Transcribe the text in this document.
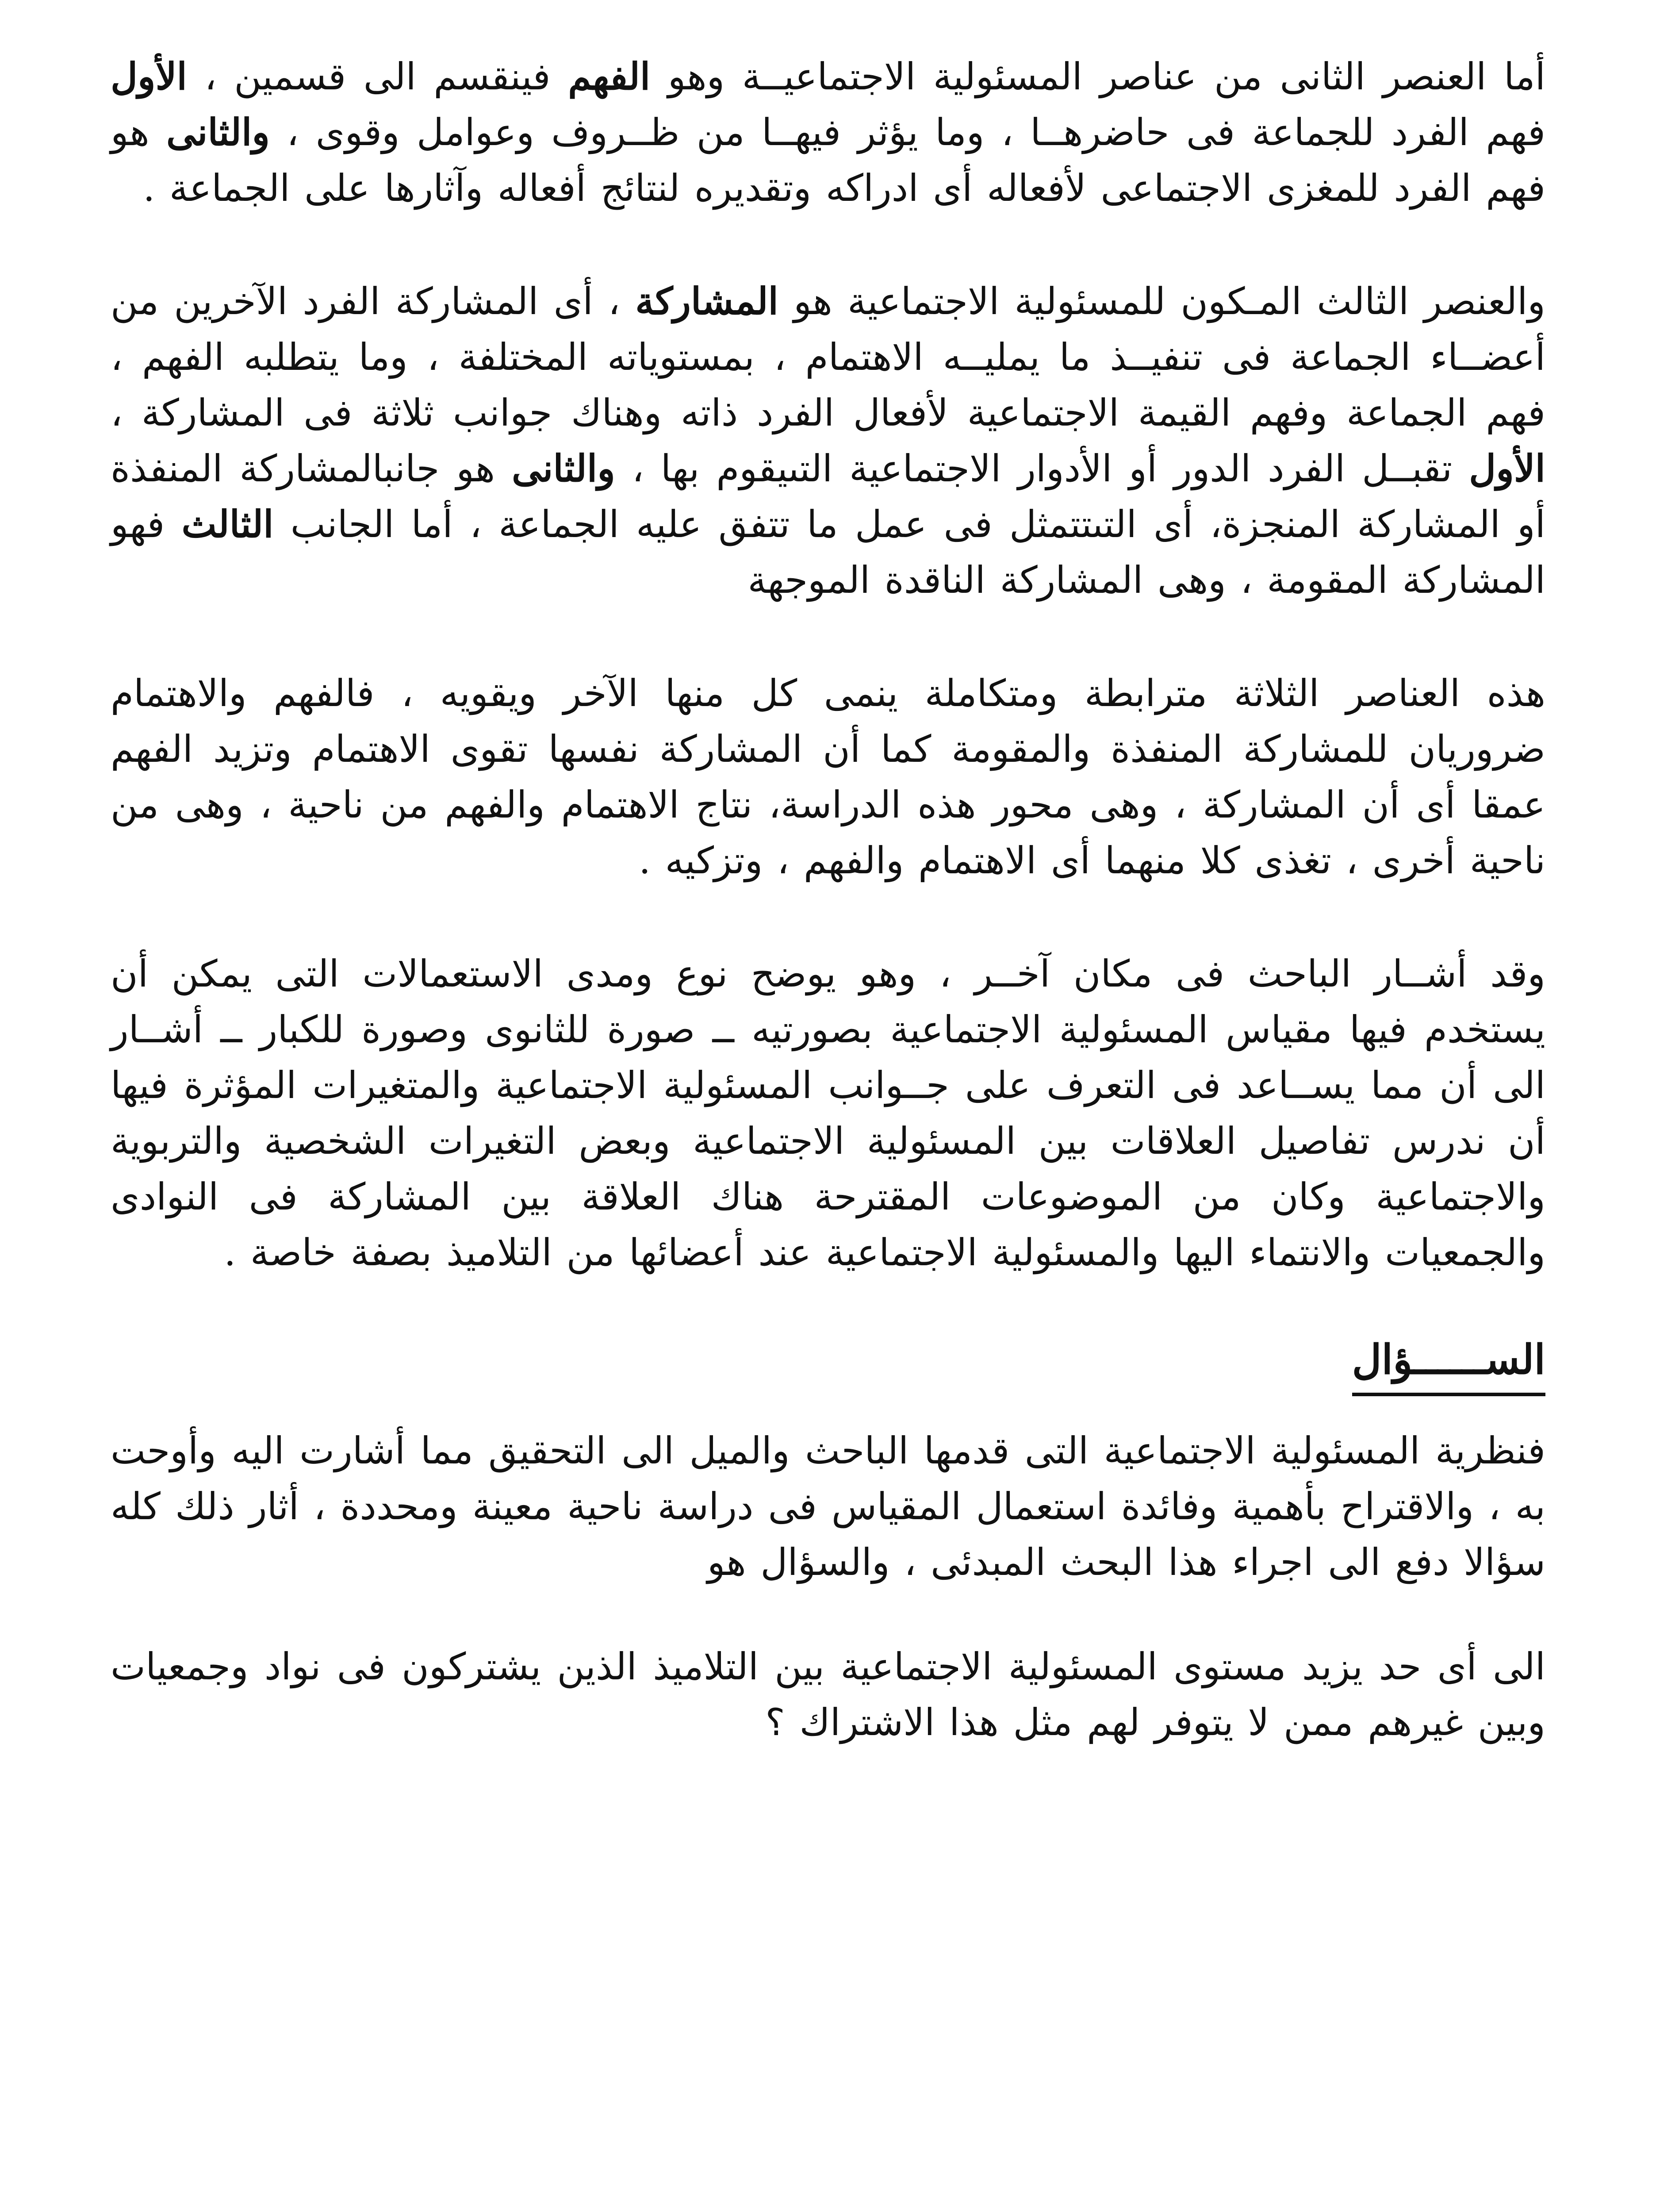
أما العنصر الثانى من عناصر المسئولية الاجتماعيــة وهو الفهم فينقسم الى قسمين ، الأول فهم الفرد للجماعة فى حاضرهــا ، وما يؤثر فيهــا من ظــروف وعوامل وقوى ، والثانى هو فهم الفرد للمغزى الاجتماعى لأفعاله أى ادراكه وتقديره لنتائج أفعاله وآثارها على الجماعة .

والعنصر الثالث المـكون للمسئولية الاجتماعية هو المشاركة ، أى المشاركة الفرد الآخرين من أعضــاء الجماعة فى تنفيــذ ما يمليــه الاهتمام ، بمستوياته المختلفة ، وما يتطلبه الفهم ، فهم الجماعة وفهم القيمة الاجتماعية لأفعال الفرد ذاته وهناك جوانب ثلاثة فى المشاركة ، الأول تقبــل الفرد الدور أو الأدوار الاجتماعية التىيقوم بها ، والثانى هو جانبالمشاركة المنفذة أو المشاركة المنجزة، أى التىتتمثل فى عمل ما تتفق عليه الجماعة ، أما الجانب الثالث فهو المشاركة المقومة ، وهى المشاركة الناقدة الموجهة

هذه العناصر الثلاثة مترابطة ومتكاملة ينمى كل منها الآخر ويقويه ، فالفهم والاهتمام ضروريان للمشاركة المنفذة والمقومة كما أن المشاركة نفسها تقوى الاهتمام وتزيد الفهم عمقا أى أن المشاركة ، وهى محور هذه الدراسة، نتاج الاهتمام والفهم من ناحية ، وهى من ناحية أخرى ، تغذى كلا منهما أى الاهتمام والفهم ، وتزكيه .

وقد أشــار الباحث فى مكان آخــر ، وهو يوضح نوع ومدى الاستعمالات التى يمكن أن يستخدم فيها مقياس المسئولية الاجتماعية بصورتيه ــ صورة للثانوى وصورة للكبار ــ أشــار الى أن مما يســاعد فى التعرف على جــوانب المسئولية الاجتماعية والمتغيرات المؤثرة فيها أن ندرس تفاصيل العلاقات بين المسئولية الاجتماعية وبعض التغيرات الشخصية والتربوية والاجتماعية وكان من الموضوعات المقترحة هناك العلاقة بين المشاركة فى النوادى والجمعيات والانتماء اليها والمسئولية الاجتماعية عند أعضائها من التلاميذ بصفة خاصة .

الســــــؤال

فنظرية المسئولية الاجتماعية التى قدمها الباحث والميل الى التحقيق مما أشارت اليه وأوحت به ، والاقتراح بأهمية وفائدة استعمال المقياس فى دراسة ناحية معينة ومحددة ، أثار ذلك كله سؤالا دفع الى اجراء هذا البحث المبدئى ، والسؤال هو

الى أى حد يزيد مستوى المسئولية الاجتماعية بين التلاميذ الذين يشتركون فى نواد وجمعيات وبين غيرهم ممن لا يتوفر لهم مثل هذا الاشتراك ؟
